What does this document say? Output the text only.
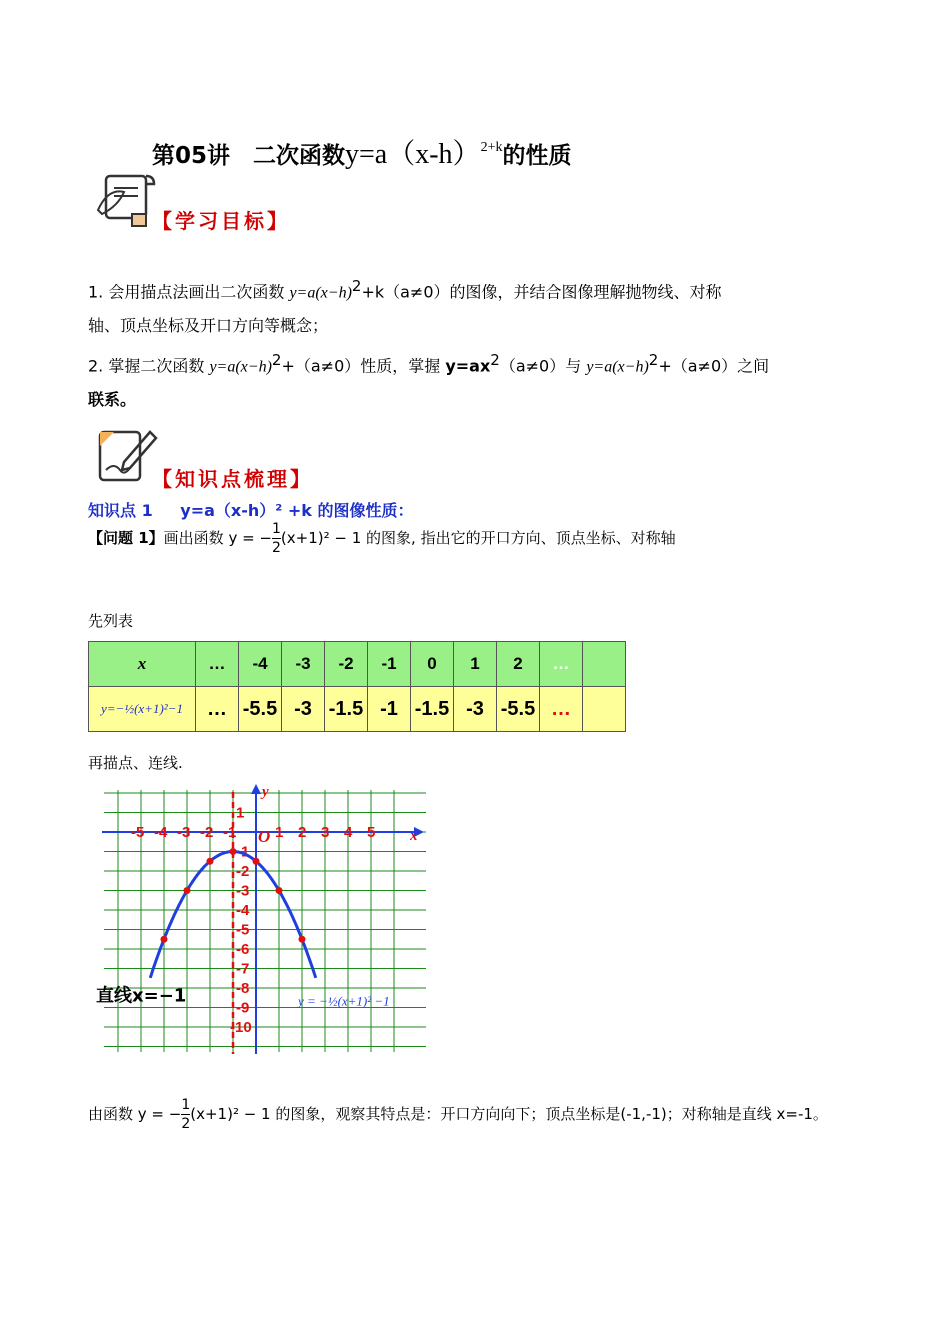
第05讲　二次函数$y=a(x-h)^{2+k}$的性质
【学习目标】
1. 会用描点法画出二次函数 $y=a(x-h)^2+k(a\ne 0)$的图像，并结合图像理解抛物线、对称
轴、顶点坐标及开口方向等概念；
2. 掌握二次函数 $y=a(x-h)^2+(a\ne 0)$性质，掌握 $y=ax^2(a\ne 0)$与 $y=a(x-h)^2+(a\ne 0)$之间
联系。
【知识点梳理】
知识点 1 y=a（x-h）² +k 的图像性质：
【问题 1】画出函数 $y = -\frac{1}{2}(x+1)^2 - 1$ 的图象, 指出它的开口方向、顶点坐标、对称轴
先列表
x	…	-4	-3	-2	-1	0	1	2	…	
y=−½(x+1)²−1	…	-5.5	-3	-1.5	-1	-1.5	-3	-5.5	…	
再描点、连线.
x
y
O
-5 -4 -3 -2 -1	1 2 3 4 5
1
-1
-2
-3
-4
-5
-6
-7
-8
-9
-10
直线x=−1	y = −½(x+1)² −1
由函数 $y = -\frac{1}{2}(x+1)^2 - 1$ 的图象，观察其特点是：开口方向向下；顶点坐标是(-1,-1)；对称轴是直线 x=-1。
